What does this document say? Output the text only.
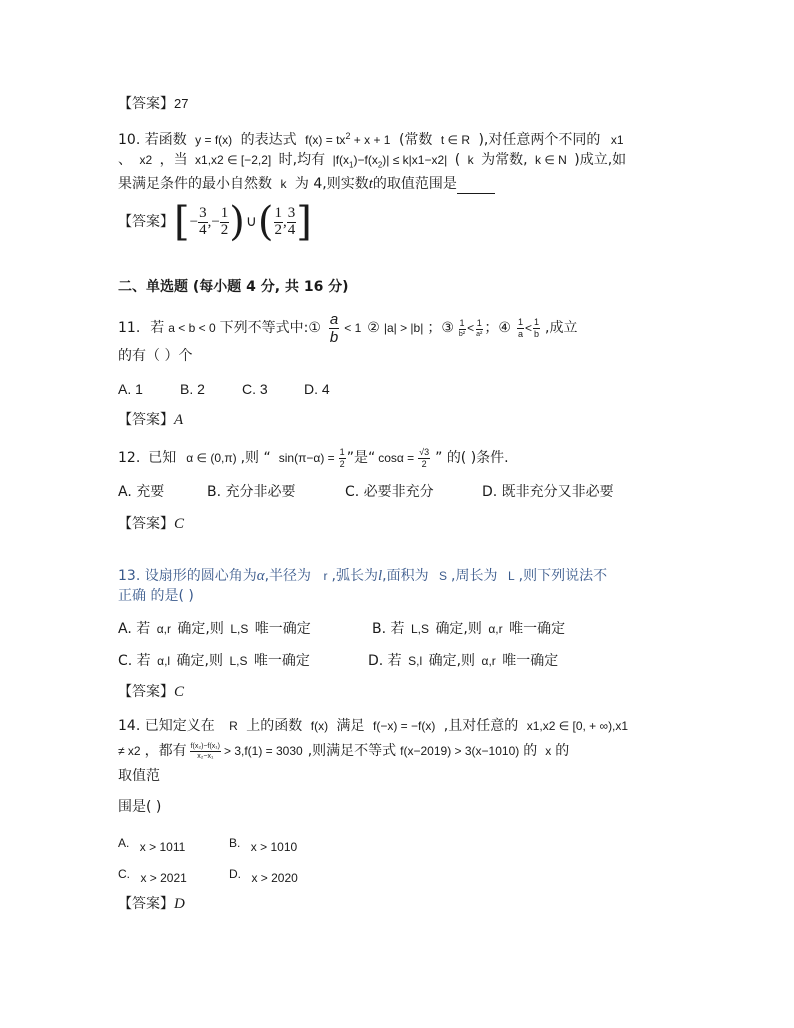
【答案】27
10. 若函数 y = f(x) 的表达式 $f(x) = tx^2 + x + 1$ (常数 t ∈ R ),对任意两个不同的 x1
、 x2 ，当 x1,x2 ∈ [−2,2] 时,均有 $|f(x_1)-f(x_2)| \le k|x1-x2|$ ( k 为常数, k ∈ N )成立,如
果满足条件的最小自然数 k 为 4,则实数t的取值范围是
【答案】 [ − $\frac{3}{4}$ ,− $\frac{1}{2}$ ) ∪ ( $\frac{1}{2}$ , $\frac{3}{4}$ ]
二、单选题 (每小题 4 分, 共 16 分)
11. 若 a < b < 0 下列不等式中:① $\frac{a}{b} < 1$ ② |a| > |b| ；③ $\frac{1}{\text{b²}} < \frac{1}{\text{a²}}$ ；④ $\frac{1}{a} < \frac{1}{b}$ ,成立
的有（ ）个
A. 1	B. 2	C. 3	D. 4
【答案】A
12. 已知 α ∈ (0,π) ,则 “ $\sin(\pi-\alpha) = \frac{1}{2}$ ”是“ $\cos\alpha = \frac{√3}{2}$ ” 的( )条件.
A. 充要	B. 充分非必要	C. 必要非充分	D. 既非充分又非必要
【答案】C
13. 设扇形的圆心角为α,半径为 r ,弧长为l,面积为 S ,周长为 L ,则下列说法不
正确 的是( )
A. 若 α,r 确定,则 L,S 唯一确定	B. 若 L,S 确定,则 α,r 唯一确定
C. 若 α,l 确定,则 L,S 唯一确定	D. 若 S,l 确定,则 α,r 唯一确定
【答案】C
14. 已知定义在 R 上的函数 f(x) 满足 f(−x) = −f(x) ,且对任意的 x1,x2 ∈ [0, + ∞),x1
≠ x2 ，都有 $\frac{\text{f(x₂)−f(x₁)}}{\text{x₂−x₁}} > 3,f(1) = 3030$ ,则满足不等式 f(x−2019) > 3(x−1010) 的 x 的
取值范
围是( )
A. x > 1011	B. x > 1010
C. x > 2021	D. x > 2020
【答案】D
